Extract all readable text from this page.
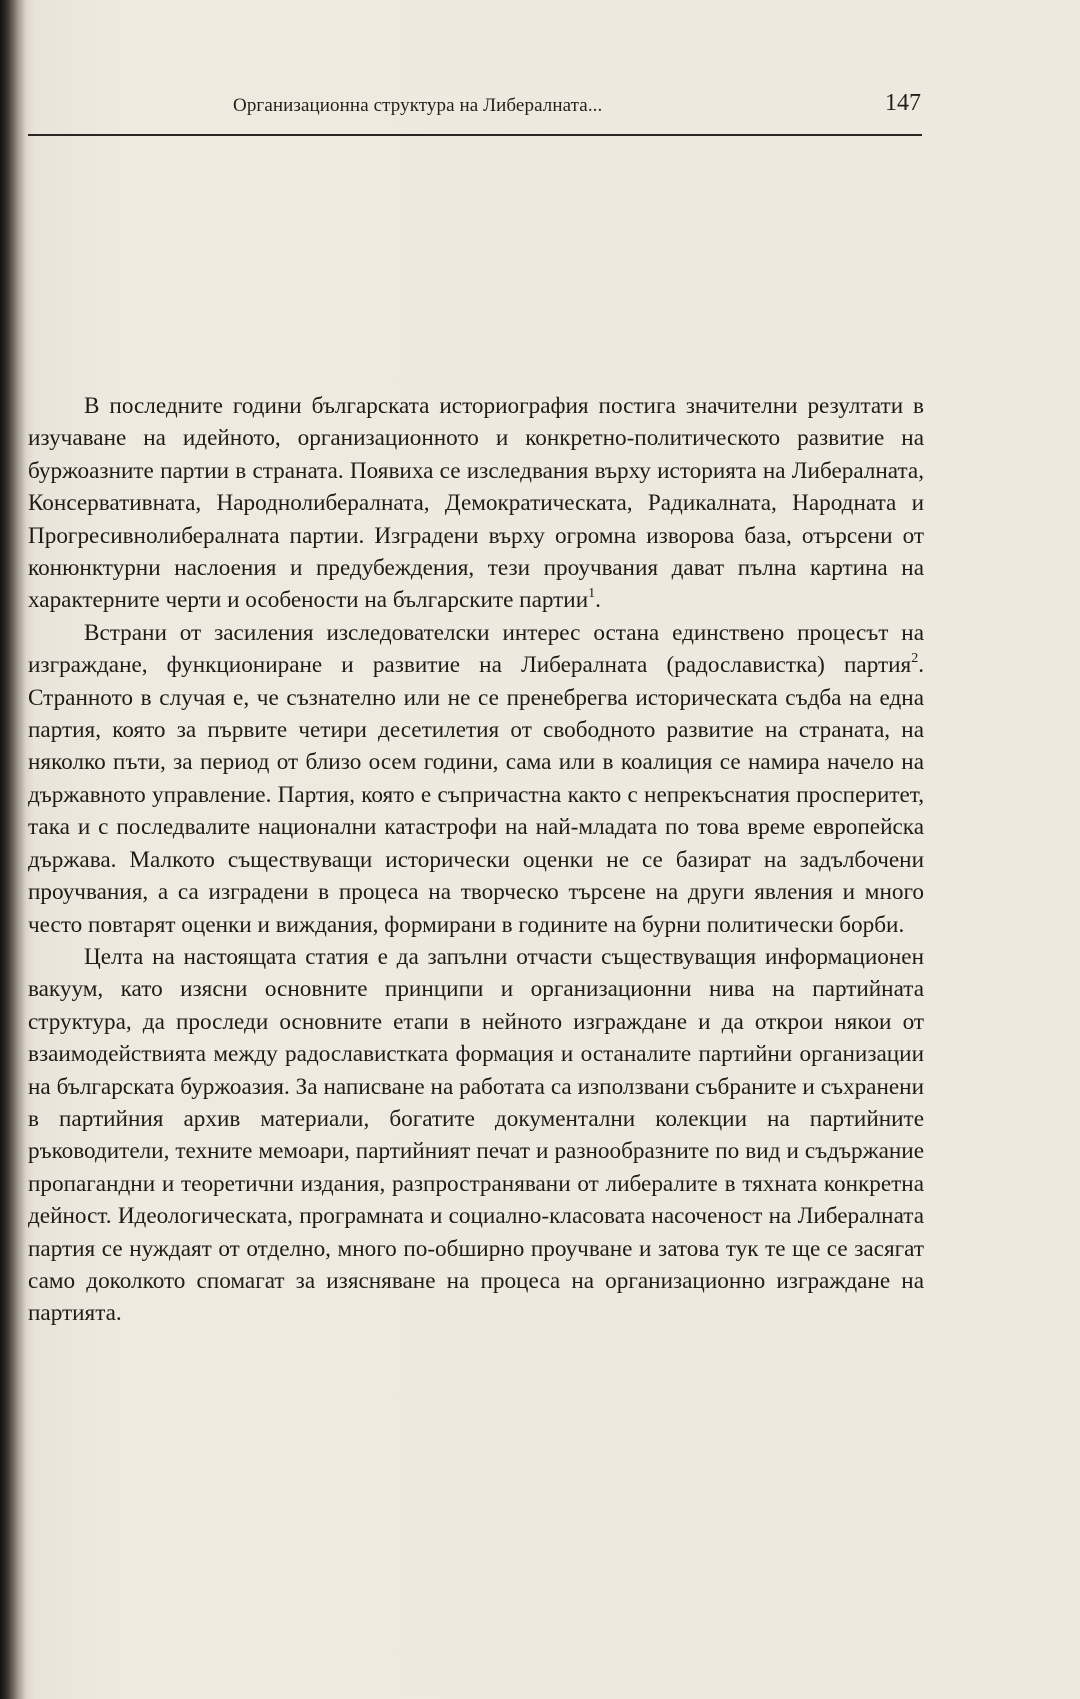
Организационна структура на Либералната...	147

В последните години българската историография постига значителни резултати в изучаване на идейното, организационното и конкретно-политическото развитие на буржоазните партии в страната. Появиха се изследвания върху историята на Либералната, Консервативната, Народнолибералната, Демократическата, Радикалната, Народната и Прогресивнолибералната партии. Изградени върху огромна изворова база, отърсени от конюнктурни наслоения и предубеждения, тези проучвания дават пълна картина на характерните черти и особености на българските партии$^1$.

Встрани от засиления изследователски интерес остана единствено процесът на изграждане, функциониране и развитие на Либералната (радославистка) партия$^2$. Странното в случая е, че съзнателно или не се пренебрегва историческата съдба на една партия, която за първите четири десетилетия от свободното развитие на страната, на няколко пъти, за период от близо осем години, сама или в коалиция се намира начело на държавното управление. Партия, която е съпричастна както с непрекъснатия просперитет, така и с последвалите национални катастрофи на най-младата по това време европейска държава. Малкото съществуващи исторически оценки не се базират на задълбочени проучвания, а са изградени в процеса на творческо търсене на други явления и много често повтарят оценки и виждания, формирани в годините на бурни политически борби.

Целта на настоящата статия е да запълни отчасти съществуващия информационен вакуум, като изясни основните принципи и организационни нива на партийната структура, да проследи основните етапи в нейното изграждане и да открои някои от взаимодействията между радославистката формация и останалите партийни организации на българската буржоазия. За написване на работата са използвани събраните и съхранени в партийния архив материали, богатите документални колекции на партийните ръководители, техните мемоари, партийният печат и разнообразните по вид и съдържание пропагандни и теоретични издания, разпространявани от либералите в тяхната конкретна дейност. Идеологическата, програмната и социално-класовата насоченост на Либералната партия се нуждаят от отделно, много по-обширно проучване и затова тук те ще се засягат само доколкото спомагат за изясняване на процеса на организационно изграждане на партията.
